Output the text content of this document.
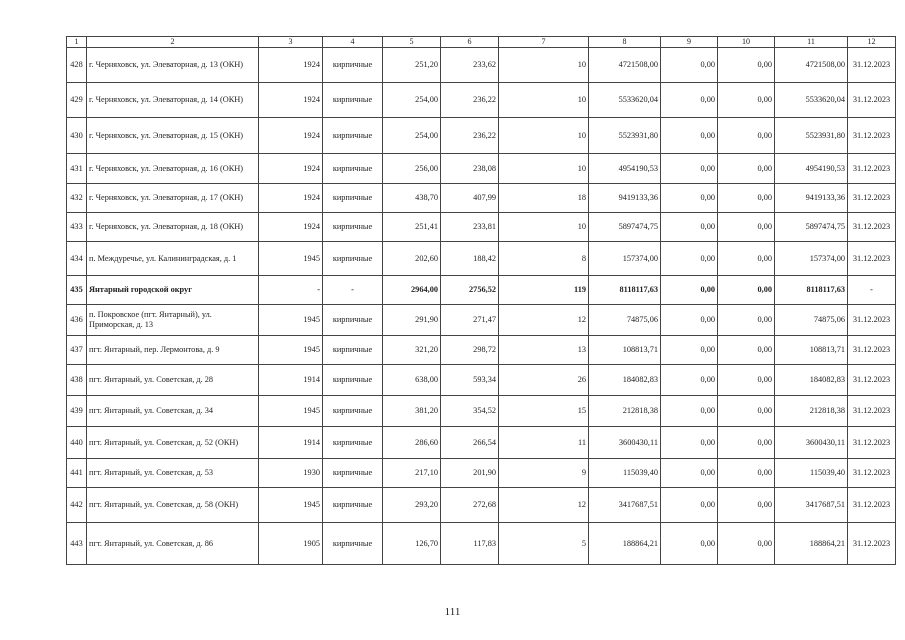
1	2	3	4	5	6	7	8	9	10	11	12
428	г. Черняховск, ул. Элеваторная, д. 13 (ОКН)	1924	кирпичные	251,20	233,62	10	4721508,00	0,00	0,00	4721508,00	31.12.2023
429	г. Черняховск, ул. Элеваторная, д. 14 (ОКН)	1924	кирпичные	254,00	236,22	10	5533620,04	0,00	0,00	5533620,04	31.12.2023
430	г. Черняховск, ул. Элеваторная, д. 15 (ОКН)	1924	кирпичные	254,00	236,22	10	5523931,80	0,00	0,00	5523931,80	31.12.2023
431	г. Черняховск, ул. Элеваторная, д. 16 (ОКН)	1924	кирпичные	256,00	238,08	10	4954190,53	0,00	0,00	4954190,53	31.12.2023
432	г. Черняховск, ул. Элеваторная, д. 17 (ОКН)	1924	кирпичные	438,70	407,99	18	9419133,36	0,00	0,00	9419133,36	31.12.2023
433	г. Черняховск, ул. Элеваторная, д. 18 (ОКН)	1924	кирпичные	251,41	233,81	10	5897474,75	0,00	0,00	5897474,75	31.12.2023
434	п. Междуречье, ул. Калининградская, д. 1	1945	кирпичные	202,60	188,42	8	157374,00	0,00	0,00	157374,00	31.12.2023
435	Янтарный городской округ	-	-	2964,00	2756,52	119	8118117,63	0,00	0,00	8118117,63	-
436	п. Покровское (пгт. Янтарный), ул. Приморская, д. 13	1945	кирпичные	291,90	271,47	12	74875,06	0,00	0,00	74875,06	31.12.2023
437	пгт. Янтарный, пер. Лермонтова, д. 9	1945	кирпичные	321,20	298,72	13	108813,71	0,00	0,00	108813,71	31.12.2023
438	пгт. Янтарный, ул. Советская, д. 28	1914	кирпичные	638,00	593,34	26	184082,83	0,00	0,00	184082,83	31.12.2023
439	пгт. Янтарный, ул. Советская, д. 34	1945	кирпичные	381,20	354,52	15	212818,38	0,00	0,00	212818,38	31.12.2023
440	пгт. Янтарный, ул. Советская, д. 52 (ОКН)	1914	кирпичные	286,60	266,54	11	3600430,11	0,00	0,00	3600430,11	31.12.2023
441	пгт. Янтарный, ул. Советская, д. 53	1930	кирпичные	217,10	201,90	9	115039,40	0,00	0,00	115039,40	31.12.2023
442	пгт. Янтарный, ул. Советская, д. 58 (ОКН)	1945	кирпичные	293,20	272,68	12	3417687,51	0,00	0,00	3417687,51	31.12.2023
443	пгт. Янтарный, ул. Советская, д. 86	1905	кирпичные	126,70	117,83	5	188864,21	0,00	0,00	188864,21	31.12.2023
111
